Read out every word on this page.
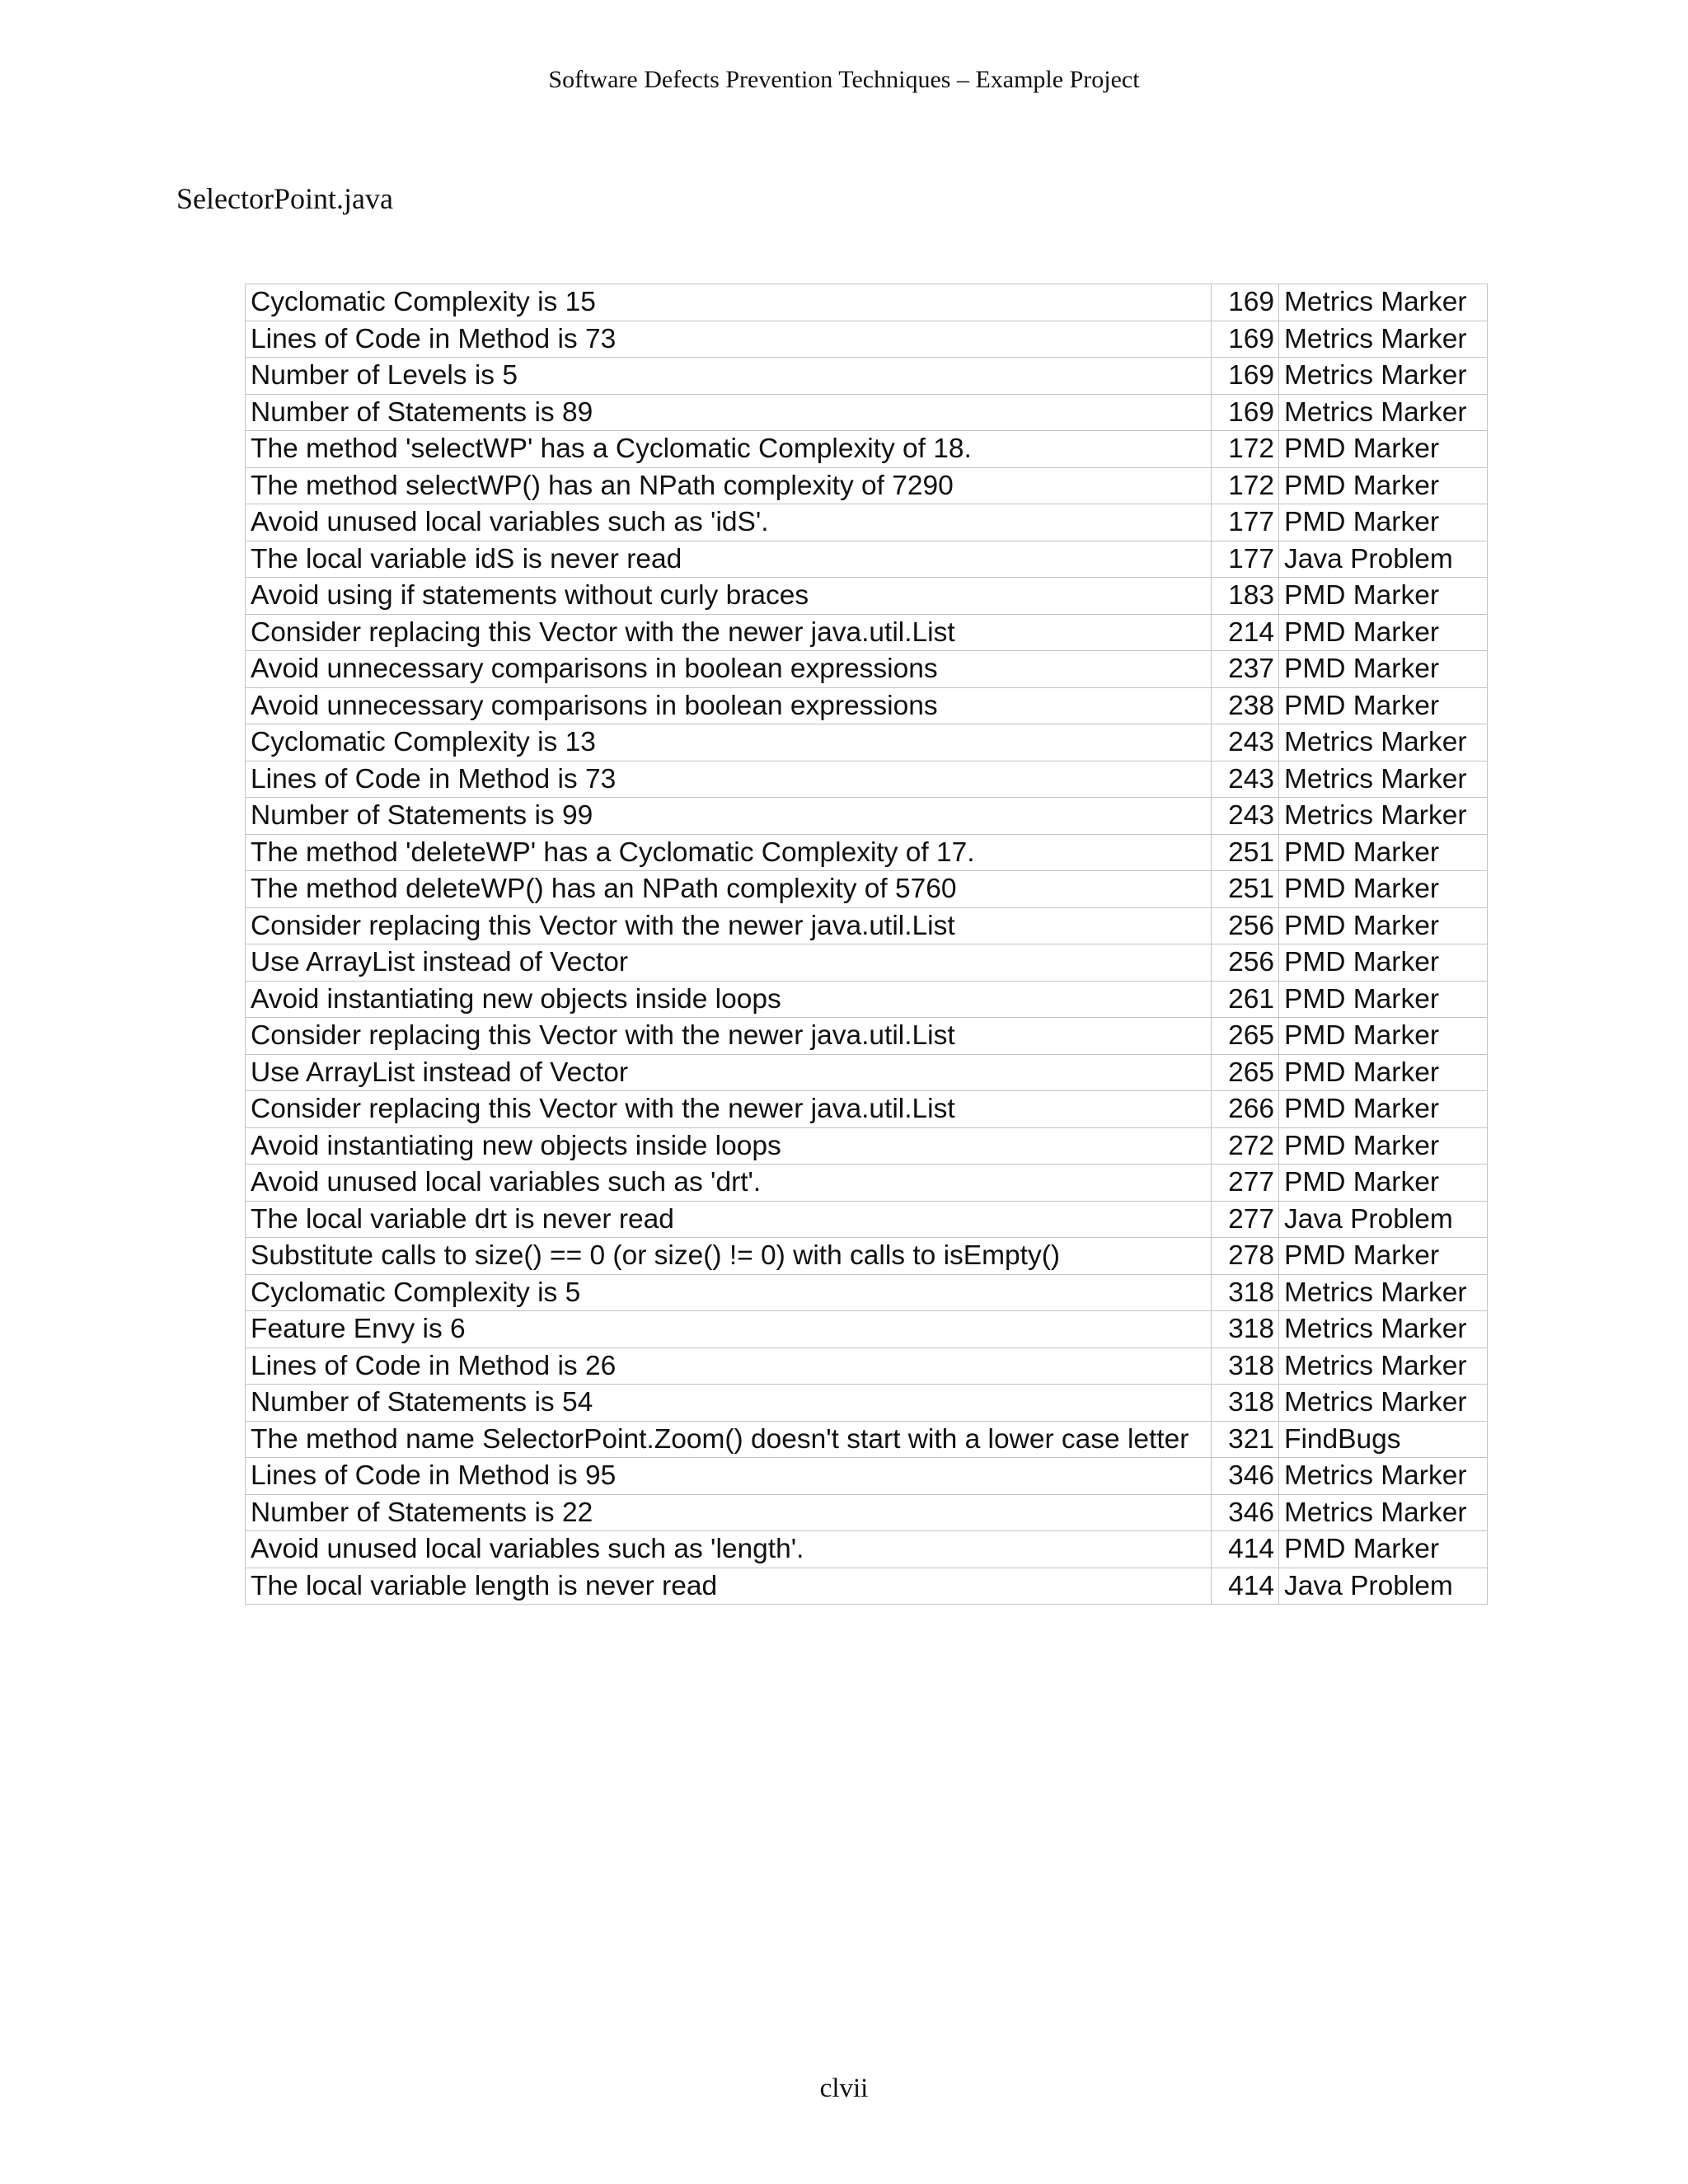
Software Defects Prevention Techniques – Example Project

SelectorPoint.java
Cyclomatic Complexity is 15	169	Metrics Marker
Lines of Code in Method is 73	169	Metrics Marker
Number of Levels is 5	169	Metrics Marker
Number of Statements is 89	169	Metrics Marker
The method 'selectWP' has a Cyclomatic Complexity of 18.	172	PMD Marker
The method selectWP() has an NPath complexity of 7290	172	PMD Marker
Avoid unused local variables such as 'idS'.	177	PMD Marker
The local variable idS is never read	177	Java Problem
Avoid using if statements without curly braces	183	PMD Marker
Consider replacing this Vector with the newer java.util.List	214	PMD Marker
Avoid unnecessary comparisons in boolean expressions	237	PMD Marker
Avoid unnecessary comparisons in boolean expressions	238	PMD Marker
Cyclomatic Complexity is 13	243	Metrics Marker
Lines of Code in Method is 73	243	Metrics Marker
Number of Statements is 99	243	Metrics Marker
The method 'deleteWP' has a Cyclomatic Complexity of 17.	251	PMD Marker
The method deleteWP() has an NPath complexity of 5760	251	PMD Marker
Consider replacing this Vector with the newer java.util.List	256	PMD Marker
Use ArrayList instead of Vector	256	PMD Marker
Avoid instantiating new objects inside loops	261	PMD Marker
Consider replacing this Vector with the newer java.util.List	265	PMD Marker
Use ArrayList instead of Vector	265	PMD Marker
Consider replacing this Vector with the newer java.util.List	266	PMD Marker
Avoid instantiating new objects inside loops	272	PMD Marker
Avoid unused local variables such as 'drt'.	277	PMD Marker
The local variable drt is never read	277	Java Problem
Substitute calls to size() == 0 (or size() != 0) with calls to isEmpty()	278	PMD Marker
Cyclomatic Complexity is 5	318	Metrics Marker
Feature Envy is 6	318	Metrics Marker
Lines of Code in Method is 26	318	Metrics Marker
Number of Statements is 54	318	Metrics Marker
The method name SelectorPoint.Zoom() doesn't start with a lower case letter	321	FindBugs
Lines of Code in Method is 95	346	Metrics Marker
Number of Statements is 22	346	Metrics Marker
Avoid unused local variables such as 'length'.	414	PMD Marker
The local variable length is never read	414	Java Problem

clvii
